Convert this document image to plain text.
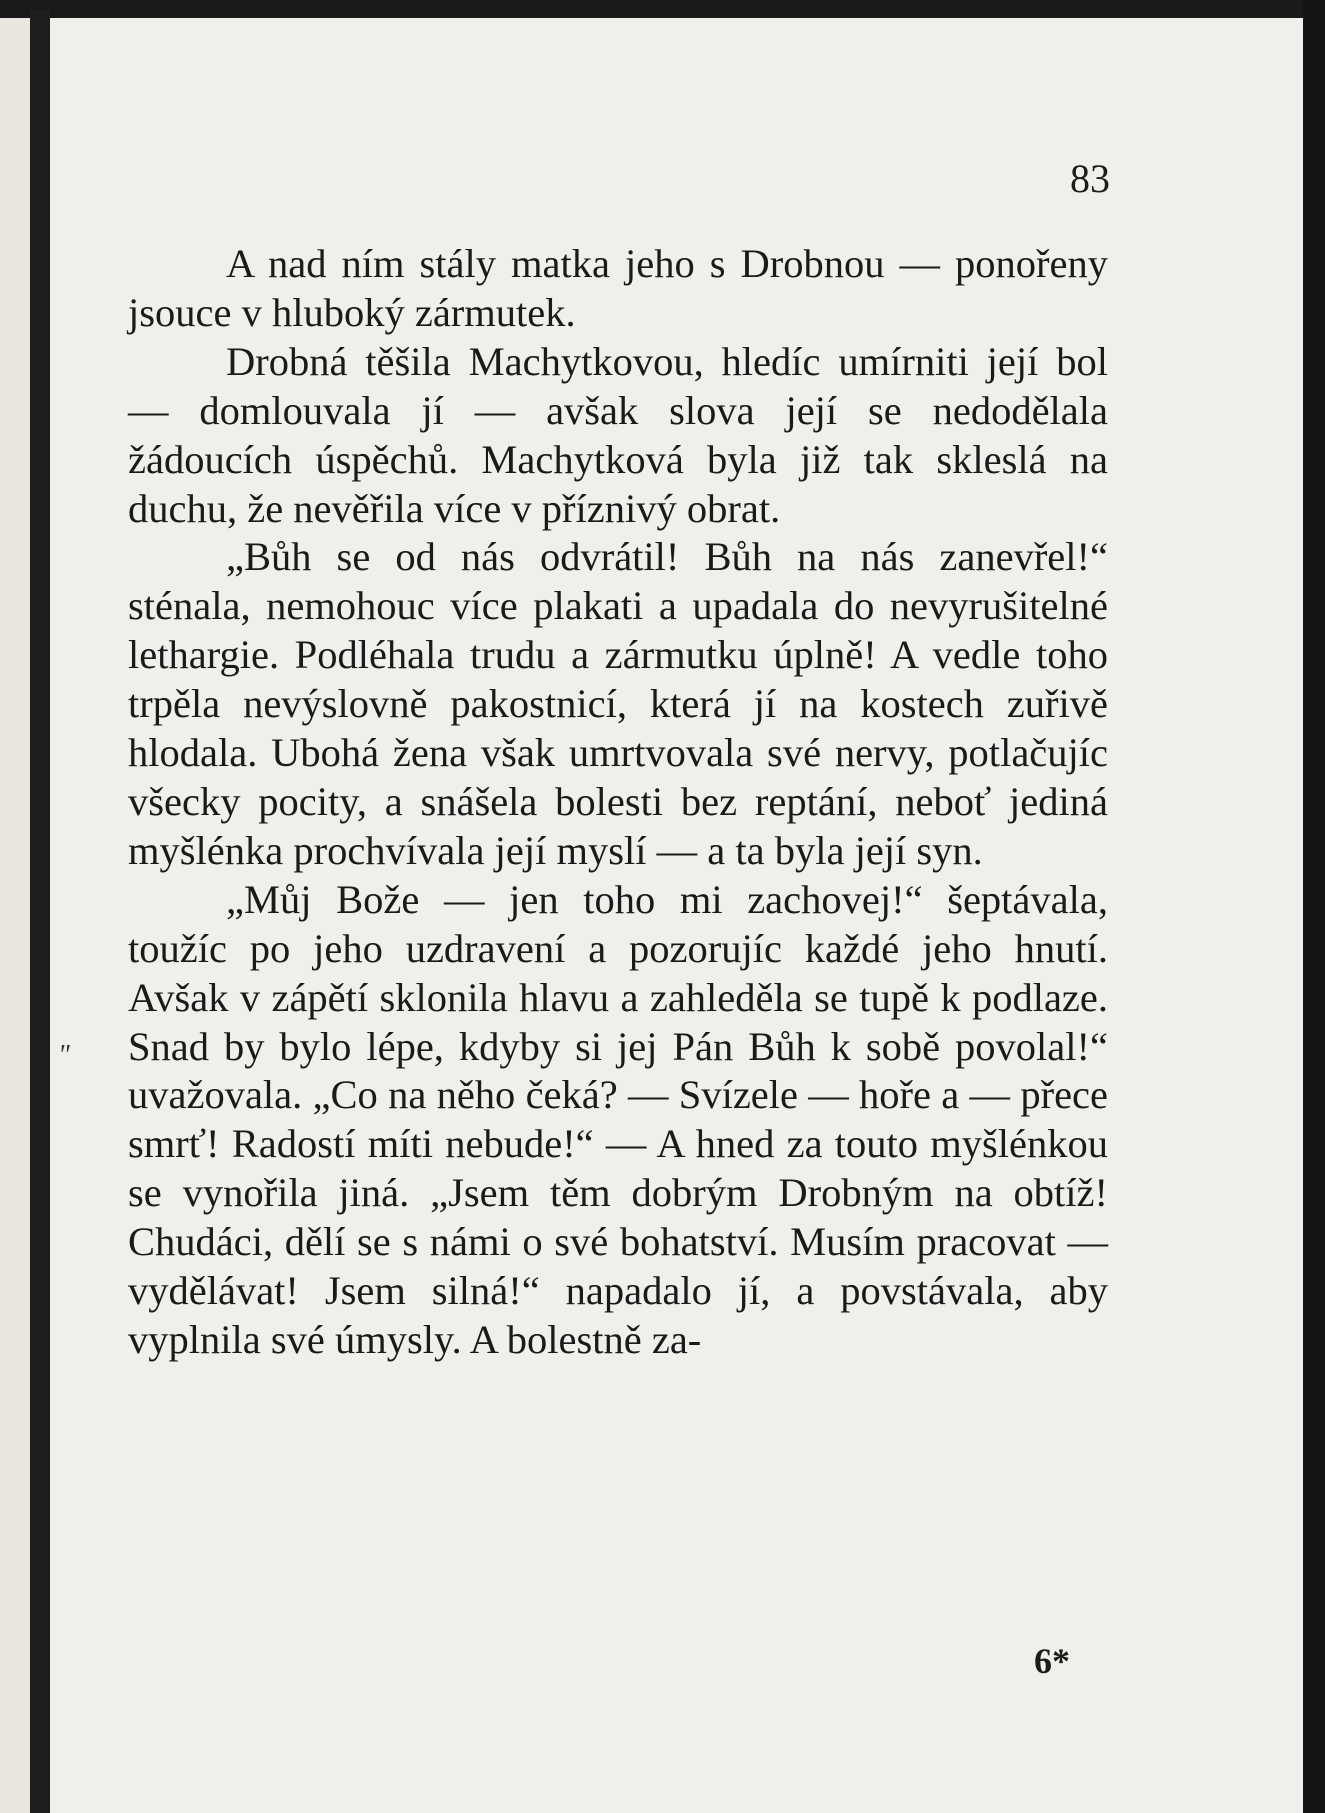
83
"

A nad ním stály matka jeho s Drobnou — ponořeny jsouce v hluboký zármutek.

Drobná těšila Machytkovou, hledíc umírniti její bol — domlouvala jí — avšak slova její se nedodělala žádoucích úspěchů. Machytková byla již tak skleslá na duchu, že nevěřila více v příznivý obrat.

„Bůh se od nás odvrátil! Bůh na nás zanevřel!“ sténala, nemohouc více plakati a upadala do nevyrušitelné lethargie. Podléhala trudu a zármutku úplně! A vedle toho trpěla nevýslovně pakostnicí, která jí na kostech zuřivě hlodala. Ubohá žena však umrtvovala své nervy, potlačujíc všecky pocity, a snášela bolesti bez reptání, neboť jediná myšlénka prochvívala její myslí — a ta byla její syn.

„Můj Bože — jen toho mi zachovej!“ šeptávala, toužíc po jeho uzdravení a pozorujíc každé jeho hnutí. Avšak v zápětí sklonila hlavu a zahleděla se tupě k podlaze. Snad by bylo lépe, kdyby si jej Pán Bůh k sobě povolal!“ uvažovala. „Co na něho čeká? — Svízele — hoře a — přece smrť! Radostí míti nebude!“ — A hned za touto myšlénkou se vynořila jiná. „Jsem těm dobrým Drobným na obtíž! Chudáci, dělí se s námi o své bohatství. Musím pracovat — vydělávat! Jsem silná!“ napadalo jí, a povstávala, aby vyplnila své úmysly. A bolestně za-

6*
